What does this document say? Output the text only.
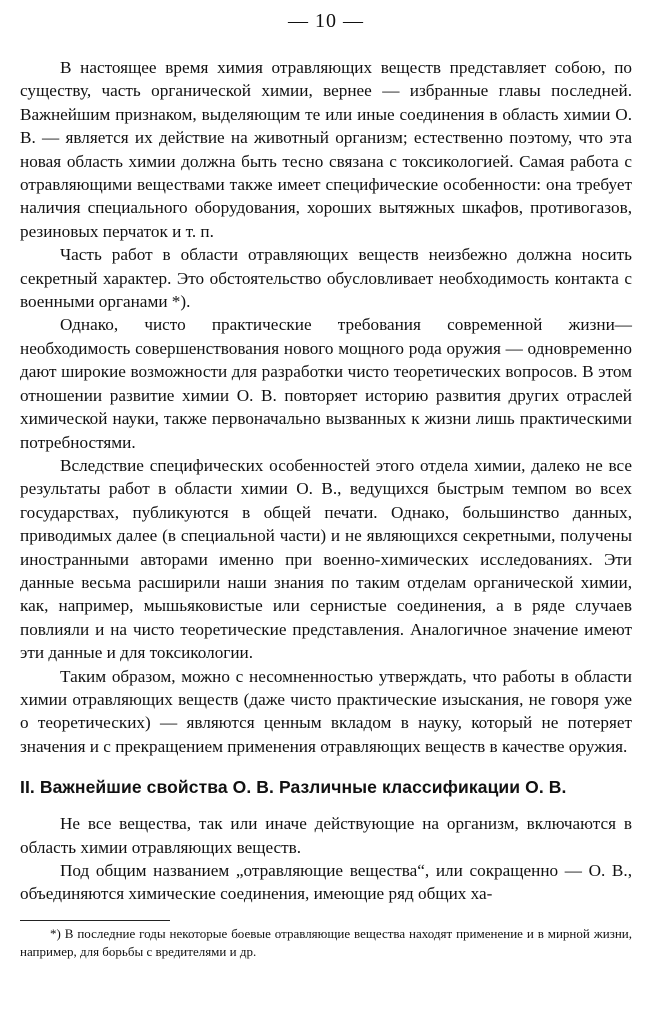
— 10 —

В настоящее время химия отравляющих веществ представляет собою, по существу, часть органической химии, вернее — избранные главы последней. Важнейшим признаком, выделяющим те или иные соединения в область химии О. В. — является их действие на животный организм; естественно поэтому, что эта новая область химии должна быть тесно связана с токсикологией. Самая работа с отравляющими веществами также имеет специфические особенности: она требует наличия специального оборудования, хороших вытяжных шкафов, противогазов, резиновых перчаток и т. п.

Часть работ в области отравляющих веществ неизбежно должна носить секретный характер. Это обстоятельство обусловливает необходимость контакта с военными органами *).

Однако, чисто практические требования современной жизни—необходимость совершенствования нового мощного рода оружия — одновременно дают широкие возможности для разработки чисто теоретических вопросов. В этом отношении развитие химии О. В. повторяет историю развития других отраслей химической науки, также первоначально вызванных к жизни лишь практическими потребностями.

Вследствие специфических особенностей этого отдела химии, далеко не все результаты работ в области химии О. В., ведущихся быстрым темпом во всех государствах, публикуются в общей печати. Однако, большинство данных, приводимых далее (в специальной части) и не являющихся секретными, получены иностранными авторами именно при военно-химических исследованиях. Эти данные весьма расширили наши знания по таким отделам органической химии, как, например, мышьяковистые или сернистые соединения, а в ряде случаев повлияли и на чисто теоретические представления. Аналогичное значение имеют эти данные и для токсикологии.

Таким образом, можно с несомненностью утверждать, что работы в области химии отравляющих веществ (даже чисто практические изыскания, не говоря уже о теоретических) — являются ценным вкладом в науку, который не потеряет значения и с прекращением применения отравляющих веществ в качестве оружия.

II. Важнейшие свойства О. В. Различные классификации О. В.

Не все вещества, так или иначе действующие на организм, включаются в область химии отравляющих веществ.

Под общим названием „отравляющие вещества“, или сокращенно — О. В., объединяются химические соединения, имеющие ряд общих ха-

*) В последние годы некоторые боевые отравляющие вещества находят применение и в мирной жизни, например, для борьбы с вредителями и др.
